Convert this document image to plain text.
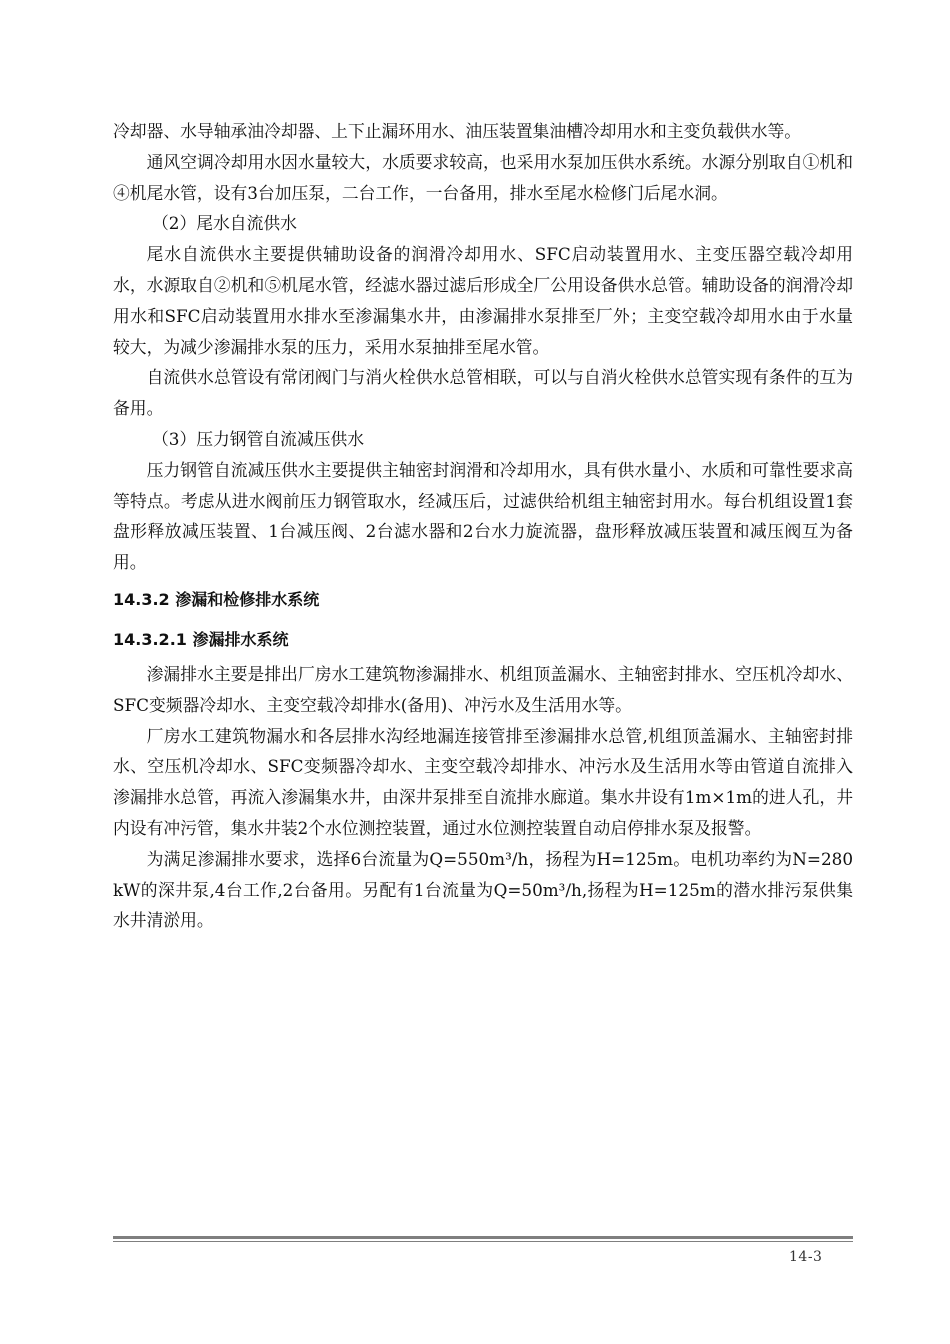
冷却器、水导轴承油冷却器、上下止漏环用水、油压装置集油槽冷却用水和主变负载供水等。

通风空调冷却用水因水量较大，水质要求较高，也采用水泵加压供水系统。水源分别取自①机和④机尾水管，设有3台加压泵，二台工作，一台备用，排水至尾水检修门后尾水洞。

（2）尾水自流供水

尾水自流供水主要提供辅助设备的润滑冷却用水、SFC启动装置用水、主变压器空载冷却用水，水源取自②机和⑤机尾水管，经滤水器过滤后形成全厂公用设备供水总管。辅助设备的润滑冷却用水和SFC启动装置用水排水至渗漏集水井，由渗漏排水泵排至厂外；主变空载冷却用水由于水量较大，为减少渗漏排水泵的压力，采用水泵抽排至尾水管。

自流供水总管设有常闭阀门与消火栓供水总管相联，可以与自消火栓供水总管实现有条件的互为备用。

（3）压力钢管自流减压供水

压力钢管自流减压供水主要提供主轴密封润滑和冷却用水，具有供水量小、水质和可靠性要求高等特点。考虑从进水阀前压力钢管取水，经减压后，过滤供给机组主轴密封用水。每台机组设置1套盘形释放减压装置、1台减压阀、2台滤水器和2台水力旋流器，盘形释放减压装置和减压阀互为备用。

14.3.2 渗漏和检修排水系统
14.3.2.1 渗漏排水系统

渗漏排水主要是排出厂房水工建筑物渗漏排水、机组顶盖漏水、主轴密封排水、空压机冷却水、SFC变频器冷却水、主变空载冷却排水(备用)、冲污水及生活用水等。

厂房水工建筑物漏水和各层排水沟经地漏连接管排至渗漏排水总管,机组顶盖漏水、主轴密封排水、空压机冷却水、SFC变频器冷却水、主变空载冷却排水、冲污水及生活用水等由管道自流排入渗漏排水总管，再流入渗漏集水井，由深井泵排至自流排水廊道。集水井设有1m×1m的进人孔，井内设有冲污管，集水井装2个水位测控装置，通过水位测控装置自动启停排水泵及报警。

为满足渗漏排水要求，选择6台流量为Q=550m³/h，扬程为H=125m。电机功率约为N=280kW的深井泵,4台工作,2台备用。另配有1台流量为Q=50m³/h,扬程为H=125m的潜水排污泵供集水井清淤用。

14-3
